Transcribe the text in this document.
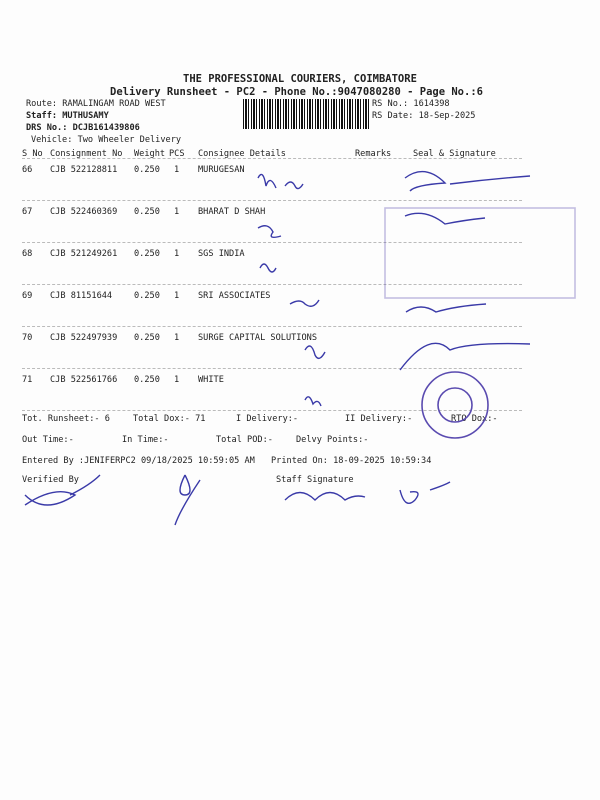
THE PROFESSIONAL COURIERS, COIMBATORE
Delivery Runsheet - PC2 - Phone No.:9047080280 - Page No.:6
Route: RAMALINGAM ROAD WEST
Staff: MUTHUSAMY
DRS No.: DCJB161439806
Vehicle: Two Wheeler Delivery
RS No.: 1614398
RS Date: 18-Sep-2025
S No Consignment No Weight PCS Consignee Details	Remarks	Seal & Signature
66 CJB 522128811 0.250 1 MURUGESAN
67 CJB 522460369 0.250 1 BHARAT D SHAH
68 CJB 521249261 0.250 1 SGS INDIA
69 CJB 81151644	0.250 1 SRI ASSOCIATES
70 CJB 522497939 0.250 1 SURGE CAPITAL SOLUTIONS
71 CJB 522561766 0.250 1 WHITE
Tot. Runsheet:- 6	Total Dox:- 71	I Delivery:-	II Delivery:-	RTO Dox:-
Out Time:-	In Time:-	Total POD:-	Delvy Points:-
Entered By :JENIFERPC2 09/18/2025 10:59:05 AM Printed On: 18-09-2025 10:59:34
Verified By	Staff Signature
